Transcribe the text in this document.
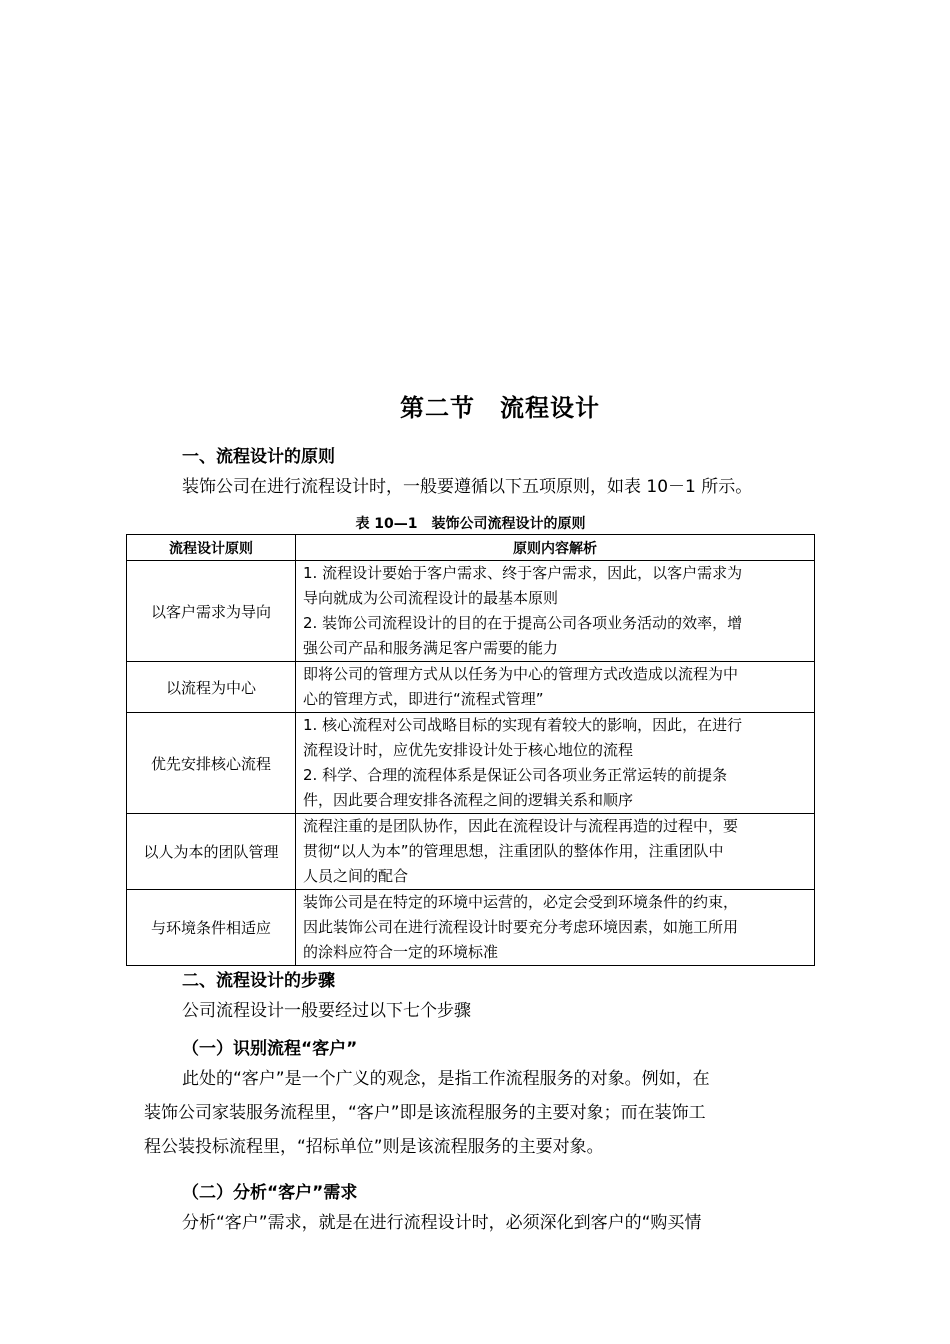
第二节　流程设计
一、流程设计的原则
装饰公司在进行流程设计时，一般要遵循以下五项原则，如表 10－1 所示。
表 10—1　装饰公司流程设计的原则
流程设计原则	原则内容解析
以客户需求为导向	1. 流程设计要始于客户需求、终于客户需求，因此，以客户需求为
导向就成为公司流程设计的最基本原则
2. 装饰公司流程设计的目的在于提高公司各项业务活动的效率，增
强公司产品和服务满足客户需要的能力

以流程为中心	即将公司的管理方式从以任务为中心的管理方式改造成以流程为中
心的管理方式，即进行“流程式管理”

优先安排核心流程	1. 核心流程对公司战略目标的实现有着较大的影响，因此，在进行
流程设计时，应优先安排设计处于核心地位的流程
2. 科学、合理的流程体系是保证公司各项业务正常运转的前提条
件，因此要合理安排各流程之间的逻辑关系和顺序

以人为本的团队管理	流程注重的是团队协作，因此在流程设计与流程再造的过程中，要
贯彻“以人为本”的管理思想，注重团队的整体作用，注重团队中
人员之间的配合

与环境条件相适应	装饰公司是在特定的环境中运营的，必定会受到环境条件的约束，
因此装饰公司在进行流程设计时要充分考虑环境因素，如施工所用
的涂料应符合一定的环境标准
二、流程设计的步骤
公司流程设计一般要经过以下七个步骤
（一）识别流程“客户”
此处的“客户”是一个广义的观念，是指工作流程服务的对象。例如，在
装饰公司家装服务流程里，“客户”即是该流程服务的主要对象；而在装饰工
程公装投标流程里，“招标单位”则是该流程服务的主要对象。
（二）分析“客户”需求
分析“客户”需求，就是在进行流程设计时，必须深化到客户的“购买情
